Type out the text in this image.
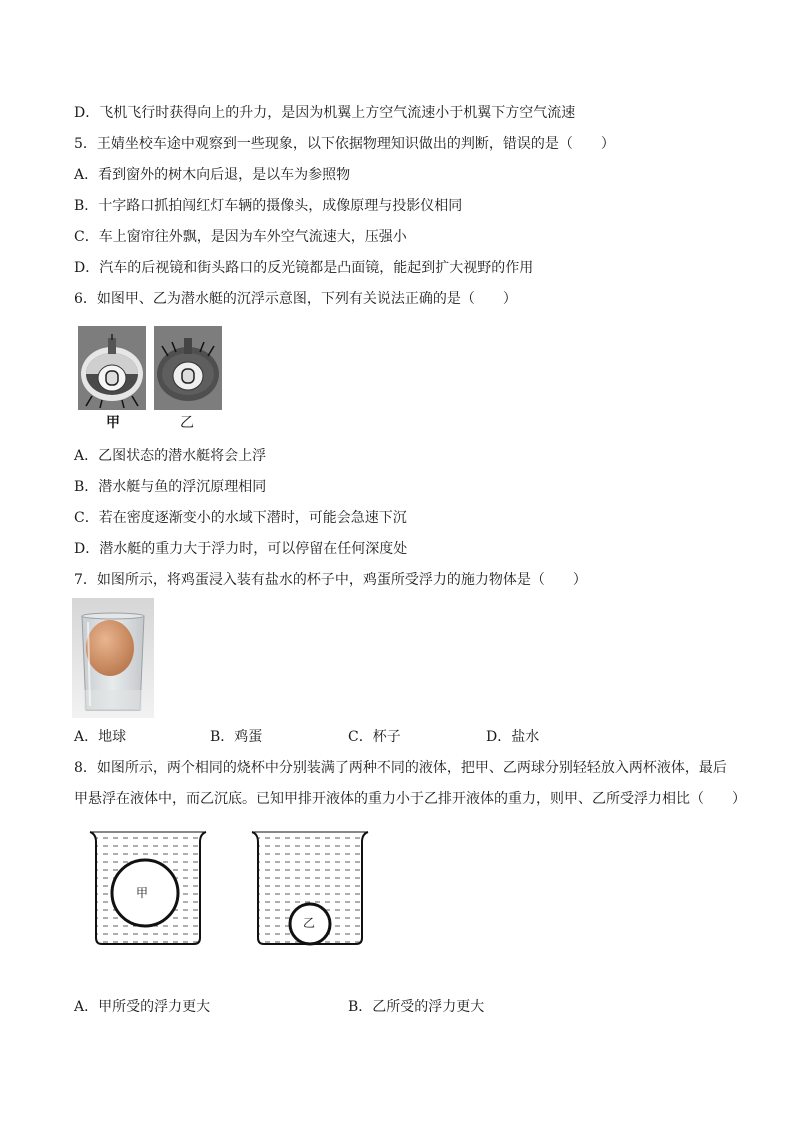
D．飞机飞行时获得向上的升力，是因为机翼上方空气流速小于机翼下方空气流速
5．王婧坐校车途中观察到一些现象，以下依据物理知识做出的判断，错误的是（　　）
A．看到窗外的树木向后退，是以车为参照物
B．十字路口抓拍闯红灯车辆的摄像头，成像原理与投影仪相同
C．车上窗帘往外飘，是因为车外空气流速大，压强小
D．汽车的后视镜和街头路口的反光镜都是凸面镜，能起到扩大视野的作用
6．如图甲、乙为潜水艇的沉浮示意图，下列有关说法正确的是（　　）
甲	乙
A．乙图状态的潜水艇将会上浮
B．潜水艇与鱼的浮沉原理相同
C．若在密度逐渐变小的水域下潜时，可能会急速下沉
D．潜水艇的重力大于浮力时，可以停留在任何深度处
7．如图所示，将鸡蛋浸入装有盐水的杯子中，鸡蛋所受浮力的施力物体是（　　）
A．地球	B．鸡蛋	C．杯子	D．盐水
8．如图所示，两个相同的烧杯中分别装满了两种不同的液体，把甲、乙两球分别轻轻放入两杯液体，最后
甲悬浮在液体中，而乙沉底。已知甲排开液体的重力小于乙排开液体的重力，则甲、乙所受浮力相比（　　）
甲
乙
A．甲所受的浮力更大	B．乙所受的浮力更大
